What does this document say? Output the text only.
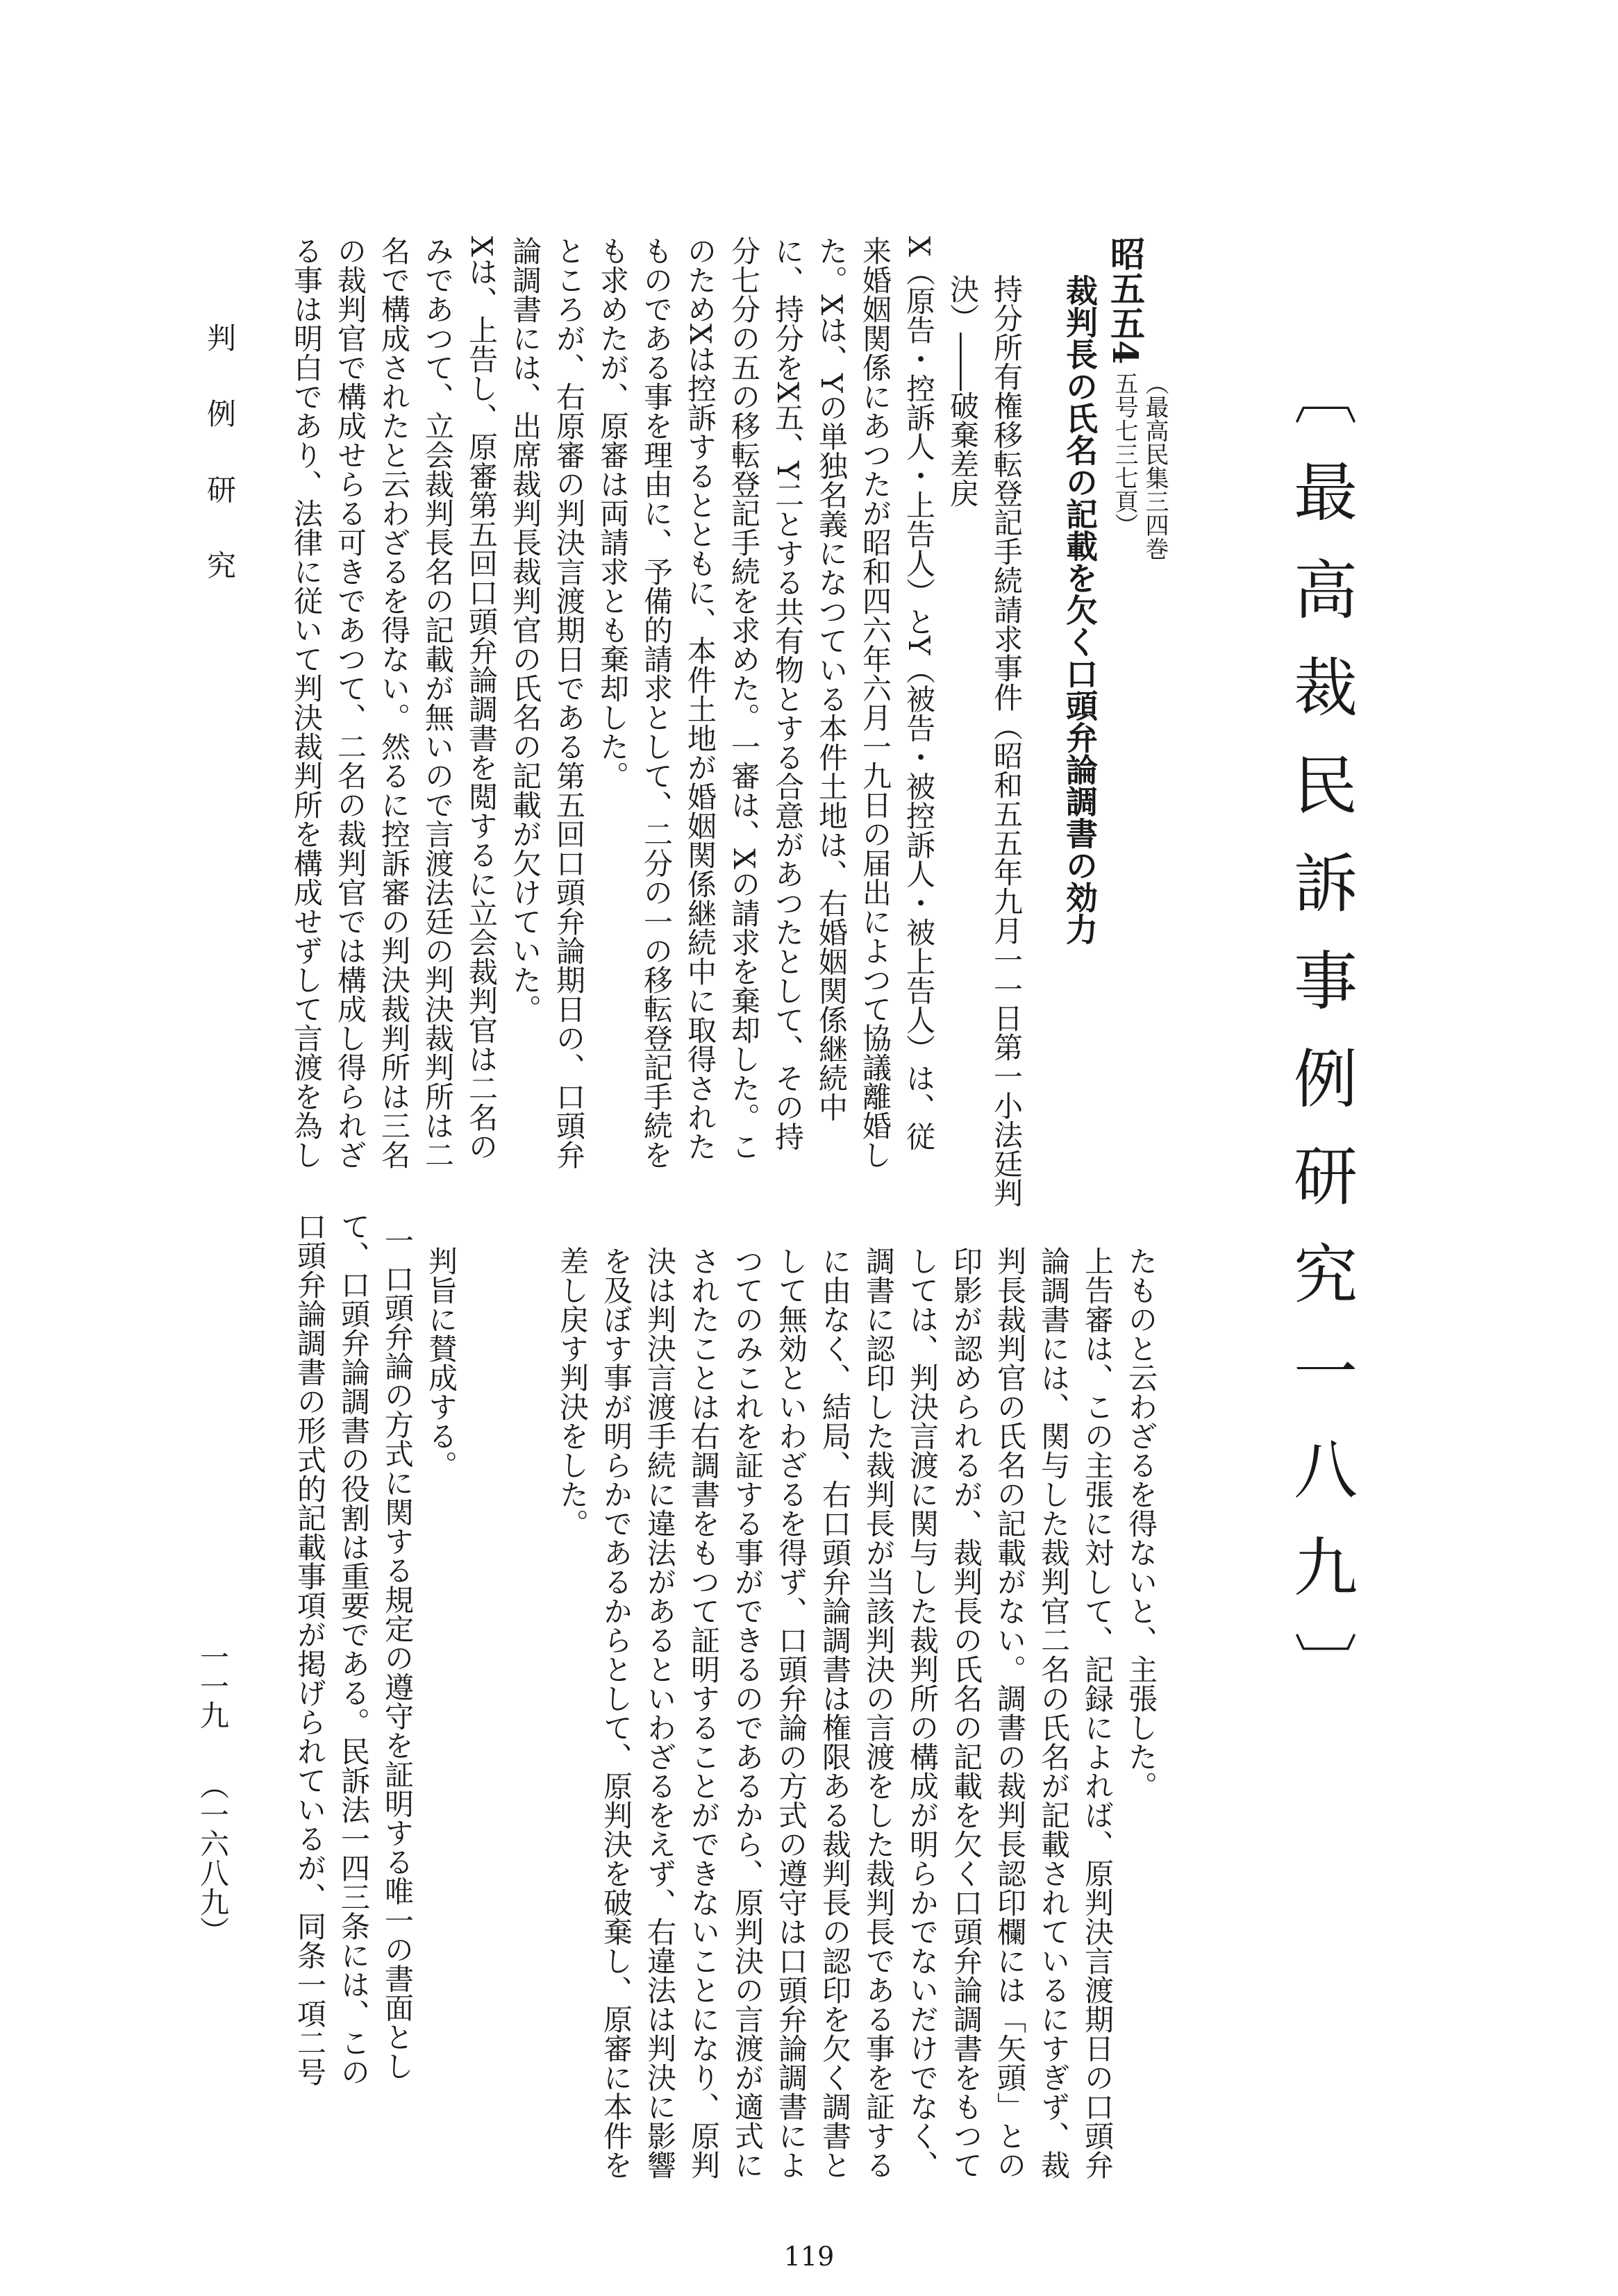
〔最高裁民訴事例研究一八九〕
昭五五4
（最高民集三四巻
五号七三七頁）
裁判長の氏名の記載を欠く口頭弁論調書の効力
持分所有権移転登記手続請求事件（昭和五五年九月一一日第一小法廷判
決）――破棄差戻
X（原告・控訴人・上告人）とY（被告・被控訴人・被上告人）は、従
来婚姻関係にあつたが昭和四六年六月一九日の届出によつて協議離婚し
た。Xは、Yの単独名義になつている本件土地は、右婚姻関係継続中
に、持分をX五、Y二とする共有物とする合意があつたとして、その持
分七分の五の移転登記手続を求めた。一審は、Xの請求を棄却した。こ
のためXは控訴するとともに、本件土地が婚姻関係継続中に取得された
ものである事を理由に、予備的請求として、二分の一の移転登記手続を
も求めたが、原審は両請求とも棄却した。
ところが、右原審の判決言渡期日である第五回口頭弁論期日の、口頭弁
論調書には、出席裁判長裁判官の氏名の記載が欠けていた。
Xは、上告し、原審第五回口頭弁論調書を閲するに立会裁判官は二名の
みであつて、立会裁判長名の記載が無いので言渡法廷の判決裁判所は二
名で構成されたと云わざるを得ない。然るに控訴審の判決裁判所は三名
の裁判官で構成せらる可きであつて、二名の裁判官では構成し得られざ
る事は明白であり、法律に従いて判決裁判所を構成せずして言渡を為し
たものと云わざるを得ないと、主張した。
上告審は、この主張に対して、記録によれば、原判決言渡期日の口頭弁
論調書には、関与した裁判官二名の氏名が記載されているにすぎず、裁
判長裁判官の氏名の記載がない。調書の裁判長認印欄には「矢頭」との
印影が認められるが、裁判長の氏名の記載を欠く口頭弁論調書をもつて
しては、判決言渡に関与した裁判所の構成が明らかでないだけでなく、
調書に認印した裁判長が当該判決の言渡をした裁判長である事を証する
に由なく、結局、右口頭弁論調書は権限ある裁判長の認印を欠く調書と
して無効といわざるを得ず、口頭弁論の方式の遵守は口頭弁論調書によ
つてのみこれを証する事ができるのであるから、原判決の言渡が適式に
されたことは右調書をもつて証明することができないことになり、原判
決は判決言渡手続に違法があるといわざるをえず、右違法は判決に影響
を及ぼす事が明らかであるからとして、原判決を破棄し、原審に本件を
差し戻す判決をした。
判旨に賛成する。
一 口頭弁論の方式に関する規定の遵守を証明する唯一の書面とし
て、口頭弁論調書の役割は重要である。民訴法一四三条には、この
口頭弁論調書の形式的記載事項が掲げられているが、同条一項二号
判例研究
一一九
（一六八九）
119
